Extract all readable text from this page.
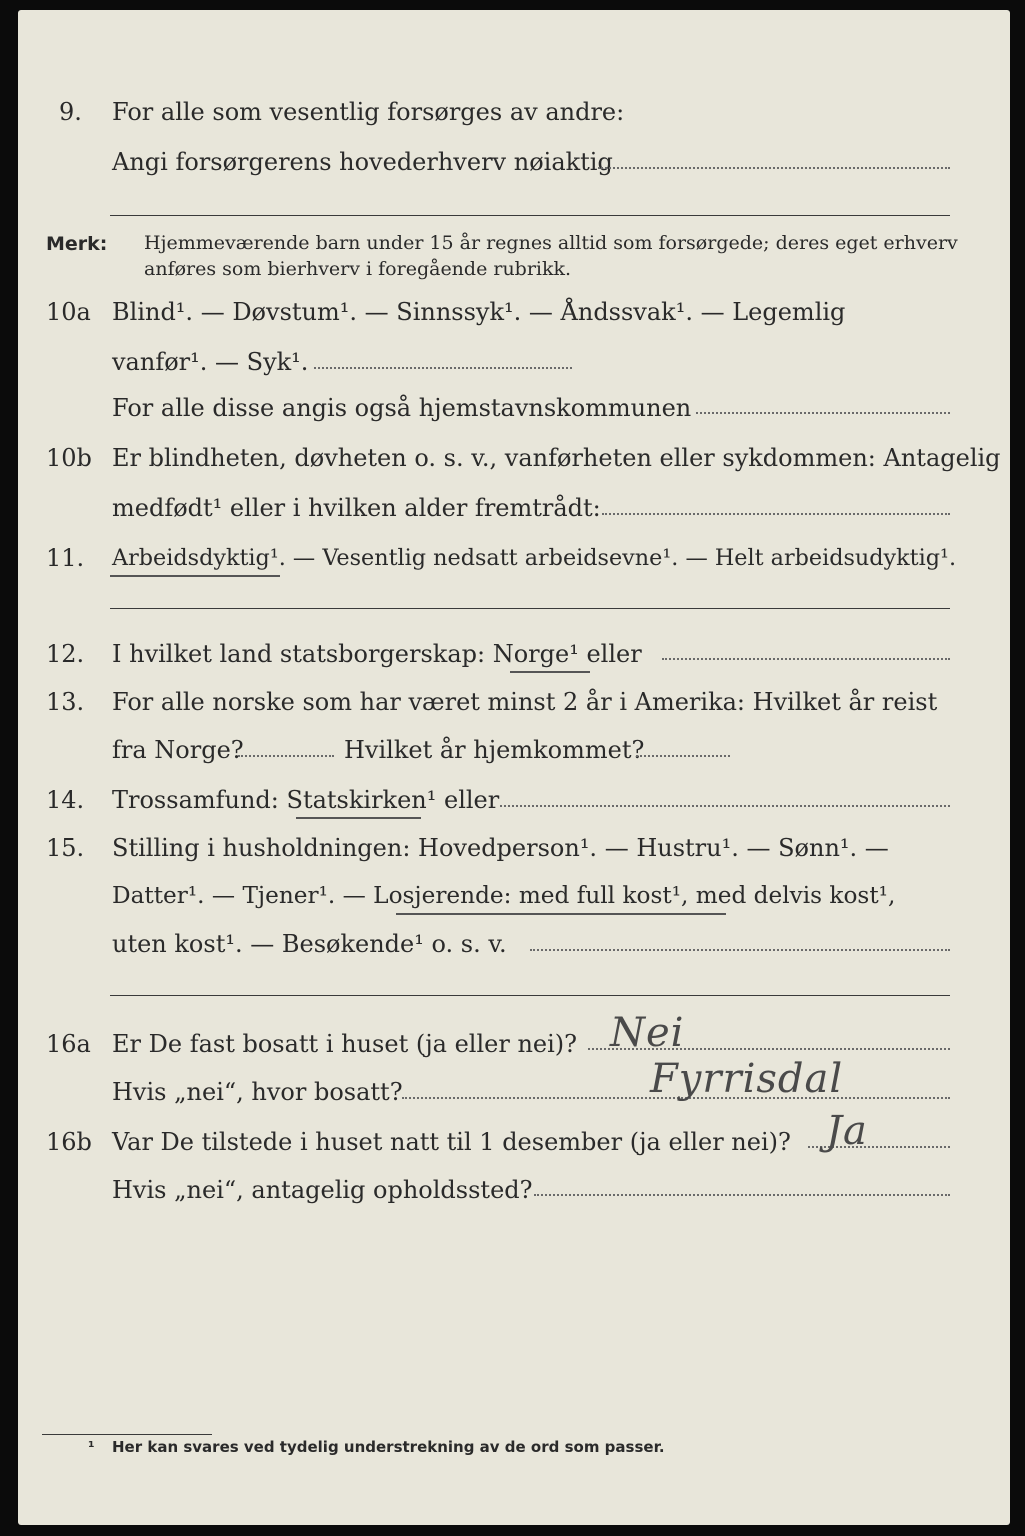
9. For alle som vesentlig forsørges av andre:
Angi forsørgerens hovederhverv nøiaktig
Merk: Hjemmeværende barn under 15 år regnes alltid som forsørgede; deres eget erhverv
anføres som bierhverv i foregående rubrikk.
10a Blind¹. — Døvstum¹. — Sinnssyk¹. — Åndssvak¹. — Legemlig
vanfør¹. — Syk¹.
For alle disse angis også hjemstavnskommunen
10b Er blindheten, døvheten o. s. v., vanførheten eller sykdommen: Antagelig
medfødt¹ eller i hvilken alder fremtrådt:
11. Arbeidsdyktig¹. — Vesentlig nedsatt arbeidsevne¹. — Helt arbeidsudyktig¹.
12. I hvilket land statsborgerskap: Norge¹ eller
13. For alle norske som har været minst 2 år i Amerika: Hvilket år reist
fra Norge?	Hvilket år hjemkommet?
14. Trossamfund: Statskirken¹ eller
15. Stilling i husholdningen: Hovedperson¹. — Hustru¹. — Sønn¹. —
Datter¹. — Tjener¹. — Losjerende: med full kost¹, med delvis kost¹,
uten kost¹. — Besøkende¹ o. s. v.
16a Er De fast bosatt i huset (ja eller nei)? Nei
Hvis „nei“, hvor bosatt?	Fyrrisdal
16b Var De tilstede i huset natt til 1 desember (ja eller nei)? Ja
Hvis „nei“, antagelig opholdssted?
¹ Her kan svares ved tydelig understrekning av de ord som passer.
